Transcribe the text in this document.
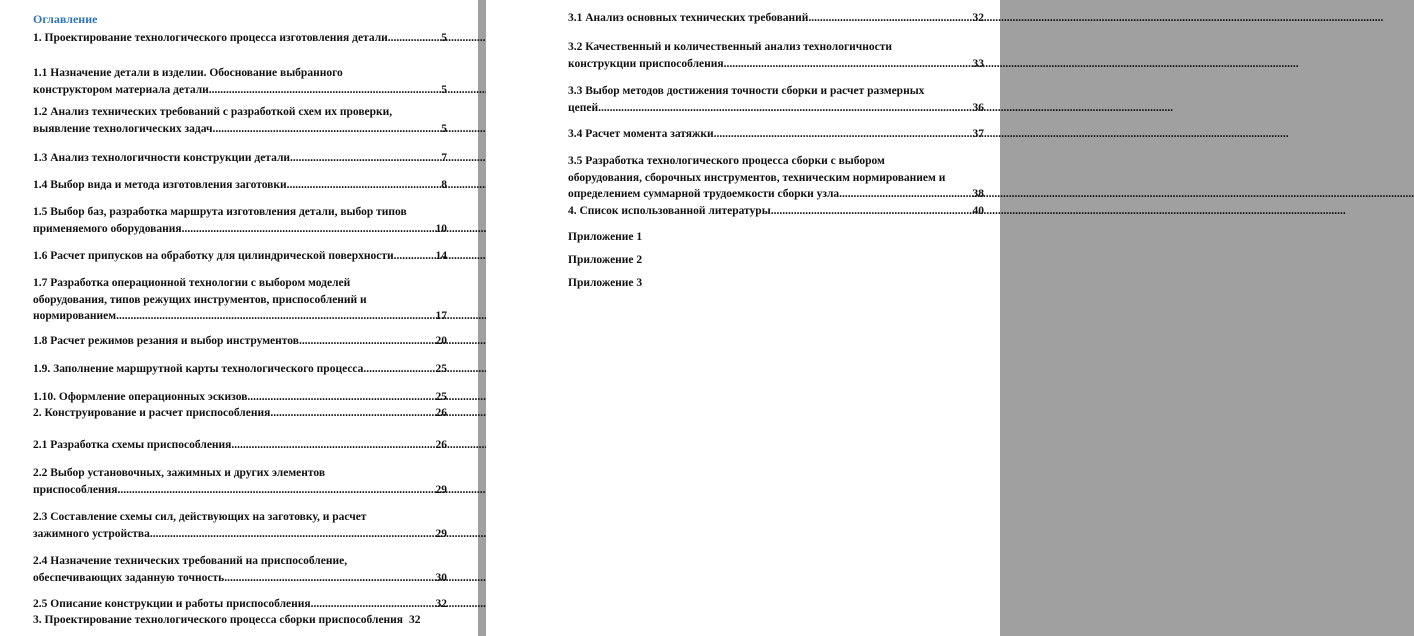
Оглавление
1. Проектирование технологического процесса изготовления детали .....	5
1.1 Назначение детали в изделии. Обоснование выбранного
конструктором материала детали. .....	5
1.2 Анализ технических требований с разработкой схем их проверки,
выявление технологических задач. .....	5
1.3 Анализ технологичности конструкции детали. .....	7
1.4 Выбор вида и метода изготовления заготовки. .....	8
1.5 Выбор баз, разработка маршрута изготовления детали, выбор типов
применяемого оборудования .....	10
1.6 Расчет припусков на обработку для цилиндрической поверхности .....	14
1.7 Разработка операционной технологии с выбором моделей
оборудования, типов режущих инструментов, приспособлений и
нормированием. .....	17
1.8 Расчет режимов резания и выбор инструментов .....	20
1.9. Заполнение маршрутной карты технологического процесса. .....	25
1.10. Оформление операционных эскизов. .....	25
2. Конструирование и расчет приспособления .....	26
2.1 Разработка схемы приспособления .....	26
2.2 Выбор установочных, зажимных и других элементов
приспособления .....	29
2.3 Составление схемы сил, действующих на заготовку, и расчет
зажимного устройства .....	29
2.4 Назначение технических требований на приспособление,
обеспечивающих заданную точность .....	30
2.5 Описание конструкции и работы приспособления. .....	32
3. Проектирование технологического процесса сборки приспособления 32
3.1 Анализ основных технических требований .....	32
3.2 Качественный и количественный анализ технологичности
конструкции приспособления .....	33
3.3 Выбор методов достижения точности сборки и расчет размерных
цепей .....	36
3.4 Расчет момента затяжки .....	37
3.5 Разработка технологического процесса сборки с выбором
оборудования, сборочных инструментов, техническим нормированием и
определением суммарной трудоемкости сборки узла .....	38
4. Список использованной литературы .....	40
Приложение 1
Приложение 2
Приложение 3
